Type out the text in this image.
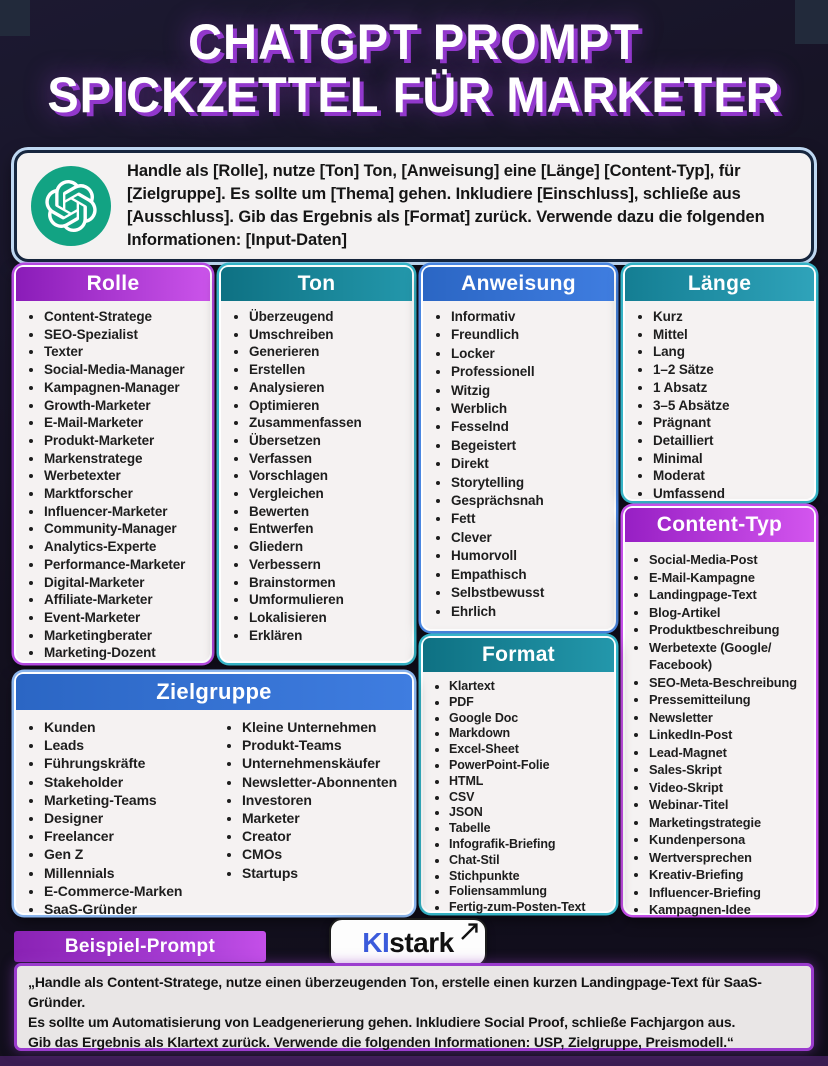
CHATGPT PROMPT
SPICKZETTEL FÜR MARKETER
Handle als [Rolle], nutze [Ton] Ton, [Anweisung] eine [Länge] [Content-Typ], für [Zielgruppe]. Es sollte um [Thema] gehen. Inkludiere [Einschluss], schließe aus [Ausschluss]. Gib das Ergebnis als [Format] zurück. Verwende dazu die folgenden Informationen: [Input-Daten]
Rolle
• Content-Stratege
• SEO-Spezialist
• Texter
• Social-Media-Manager
• Kampagnen-Manager
• Growth-Marketer
• E-Mail-Marketer
• Produkt-Marketer
• Markenstratege
• Werbetexter
• Marktforscher
• Influencer-Marketer
• Community-Manager
• Analytics-Experte
• Performance-Marketer
• Digital-Marketer
• Affiliate-Marketer
• Event-Marketer
• Marketingberater
• Marketing-Dozent
Ton
• Überzeugend
• Umschreiben
• Generieren
• Erstellen
• Analysieren
• Optimieren
• Zusammenfassen
• Übersetzen
• Verfassen
• Vorschlagen
• Vergleichen
• Bewerten
• Entwerfen
• Gliedern
• Verbessern
• Brainstormen
• Umformulieren
• Lokalisieren
• Erklären
Anweisung
• Informativ
• Freundlich
• Locker
• Professionell
• Witzig
• Werblich
• Fesselnd
• Begeistert
• Direkt
• Storytelling
• Gesprächsnah
• Fett
• Clever
• Humorvoll
• Empathisch
• Selbstbewusst
• Ehrlich
Länge
• Kurz
• Mittel
• Lang
• 1–2 Sätze
• 1 Absatz
• 3–5 Absätze
• Prägnant
• Detailliert
• Minimal
• Moderat
• Umfassend
Content-Typ
• Social-Media-Post
• E-Mail-Kampagne
• Landingpage-Text
• Blog-Artikel
• Produktbeschreibung
• Werbetexte (Google/ Facebook)
• SEO-Meta-Beschreibung
• Pressemitteilung
• Newsletter
• LinkedIn-Post
• Lead-Magnet
• Sales-Skript
• Video-Skript
• Webinar-Titel
• Marketingstrategie
• Kundenpersona
• Wertversprechen
• Kreativ-Briefing
• Influencer-Briefing
• Kampagnen-Idee
Format
• Klartext
• PDF
• Google Doc
• Markdown
• Excel-Sheet
• PowerPoint-Folie
• HTML
• CSV
• JSON
• Tabelle
• Infografik-Briefing
• Chat-Stil
• Stichpunkte
• Foliensammlung
• Fertig-zum-Posten-Text
Zielgruppe
• Kunden
• Leads
• Führungskräfte
• Stakeholder
• Marketing-Teams
• Designer
• Freelancer
• Gen Z
• Millennials
• E-Commerce-Marken
• SaaS-Gründer
• Kleine Unternehmen
• Produkt-Teams
• Unternehmenskäufer
• Newsletter-Abonnenten
• Investoren
• Marketer
• Creator
• CMOs
• Startups
Beispiel-Prompt	KI stark
„Handle als Content-Stratege, nutze einen überzeugenden Ton, erstelle einen kurzen Landingpage-Text für SaaS-Gründer.
Es sollte um Automatisierung von Leadgenerierung gehen. Inkludiere Social Proof, schließe Fachjargon aus.
Gib das Ergebnis als Klartext zurück. Verwende die folgenden Informationen: USP, Zielgruppe, Preismodell.“
